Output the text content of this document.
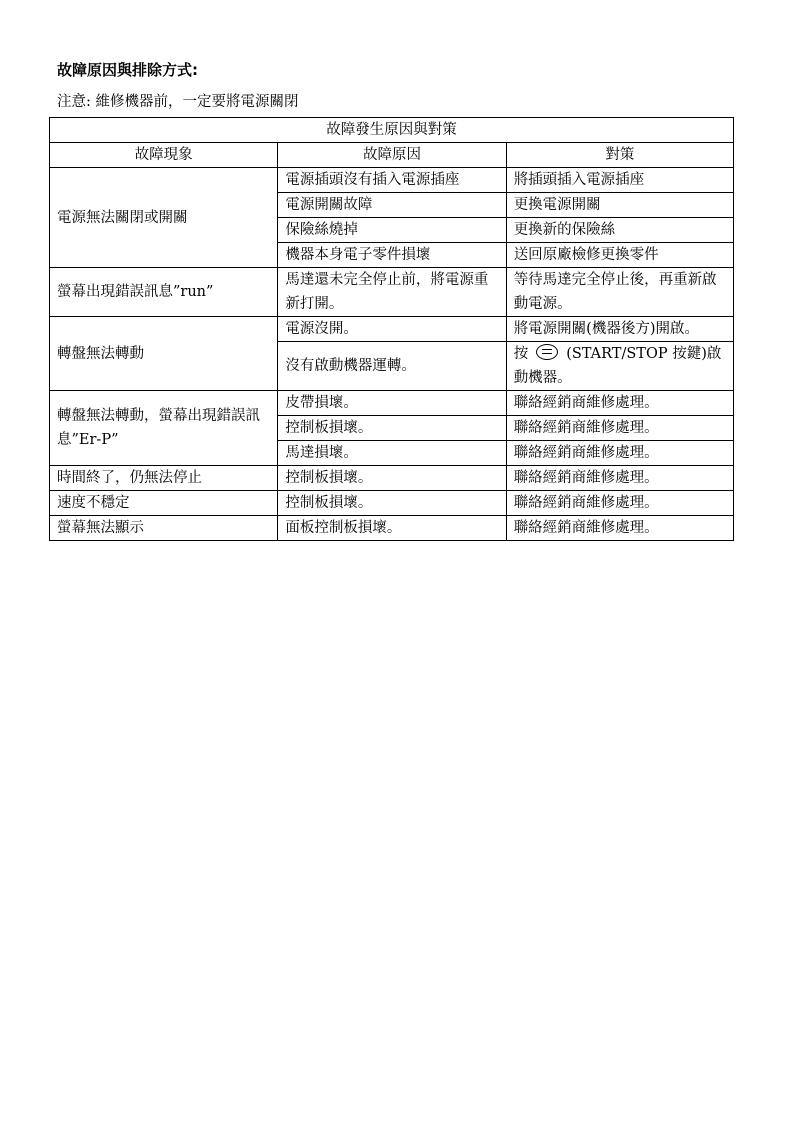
故障原因與排除方式:
注意: 維修機器前，一定要將電源關閉
故障發生原因與對策		
故障現象	故障原因	對策
電源無法關閉或開關	電源插頭沒有插入電源插座	將插頭插入電源插座
	電源開關故障	更換電源開關
	保險絲燒掉	更換新的保險絲
	機器本身電子零件損壞	送回原廠檢修更換零件
螢幕出現錯誤訊息”run”	馬達還未完全停止前，將電源重新打開。	等待馬達完全停止後，再重新啟動電源。
轉盤無法轉動	電源沒開。	將電源開關(機器後方)開啟。
	沒有啟動機器運轉。	按 (START/STOP 按鍵)啟動機器。
轉盤無法轉動，螢幕出現錯誤訊息”Er-P”	皮帶損壞。	聯絡經銷商維修處理。
	控制板損壞。	聯絡經銷商維修處理。
	馬達損壞。	聯絡經銷商維修處理。
時間終了，仍無法停止	控制板損壞。	聯絡經銷商維修處理。
速度不穩定	控制板損壞。	聯絡經銷商維修處理。
螢幕無法顯示	面板控制板損壞。	聯絡經銷商維修處理。
